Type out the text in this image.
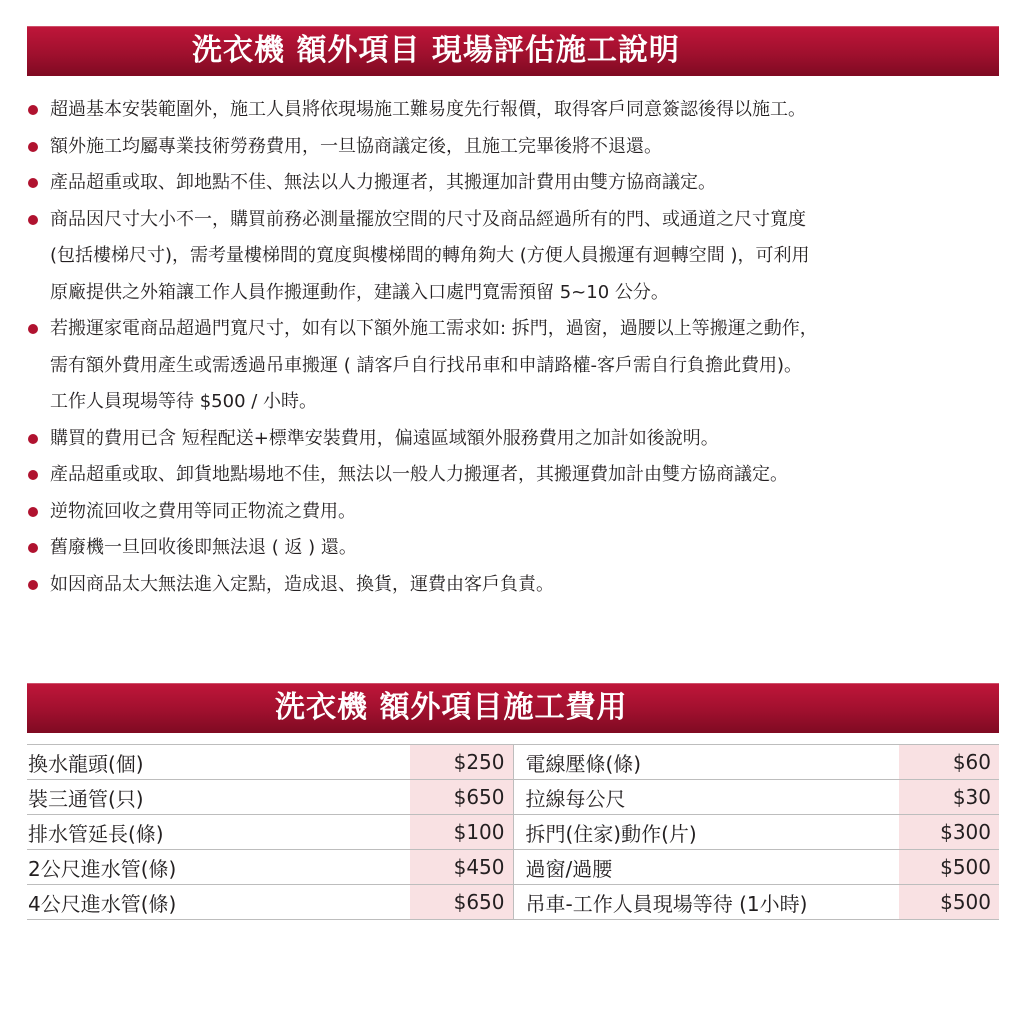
洗衣機 額外項目 現場評估施工說明
超過基本安裝範圍外，施工人員將依現場施工難易度先行報價，取得客戶同意簽認後得以施工。
額外施工均屬專業技術勞務費用，一旦協商議定後，且施工完畢後將不退還。
產品超重或取、卸地點不佳、無法以人力搬運者，其搬運加計費用由雙方協商議定。
商品因尺寸大小不一，購買前務必測量擺放空間的尺寸及商品經過所有的門、或通道之尺寸寬度
(包括樓梯尺寸)，需考量樓梯間的寬度與樓梯間的轉角夠大 (方便人員搬運有迴轉空間 )，可利用
原廠提供之外箱讓工作人員作搬運動作，建議入口處門寬需預留 5~10 公分。
若搬運家電商品超過門寬尺寸，如有以下額外施工需求如: 拆門，過窗，過腰以上等搬運之動作，
需有額外費用產生或需透過吊車搬運 ( 請客戶自行找吊車和申請路權-客戶需自行負擔此費用)。
工作人員現場等待 $500 / 小時。
購買的費用已含 短程配送+標準安裝費用，偏遠區域額外服務費用之加計如後說明。
產品超重或取、卸貨地點場地不佳，無法以一般人力搬運者，其搬運費加計由雙方協商議定。
逆物流回收之費用等同正物流之費用。
舊廢機一旦回收後即無法退 ( 返 ) 還。
如因商品太大無法進入定點，造成退、換貨，運費由客戶負責。
洗衣機 額外項目施工費用
換水龍頭(個)	$250	電線壓條(條)	$60
裝三通管(只)	$650	拉線每公尺	$30
排水管延長(條)	$100	拆門(住家)動作(片)	$300
2公尺進水管(條)	$450	過窗/過腰	$500
4公尺進水管(條)	$650	吊車-工作人員現場等待 (1小時)	$500
